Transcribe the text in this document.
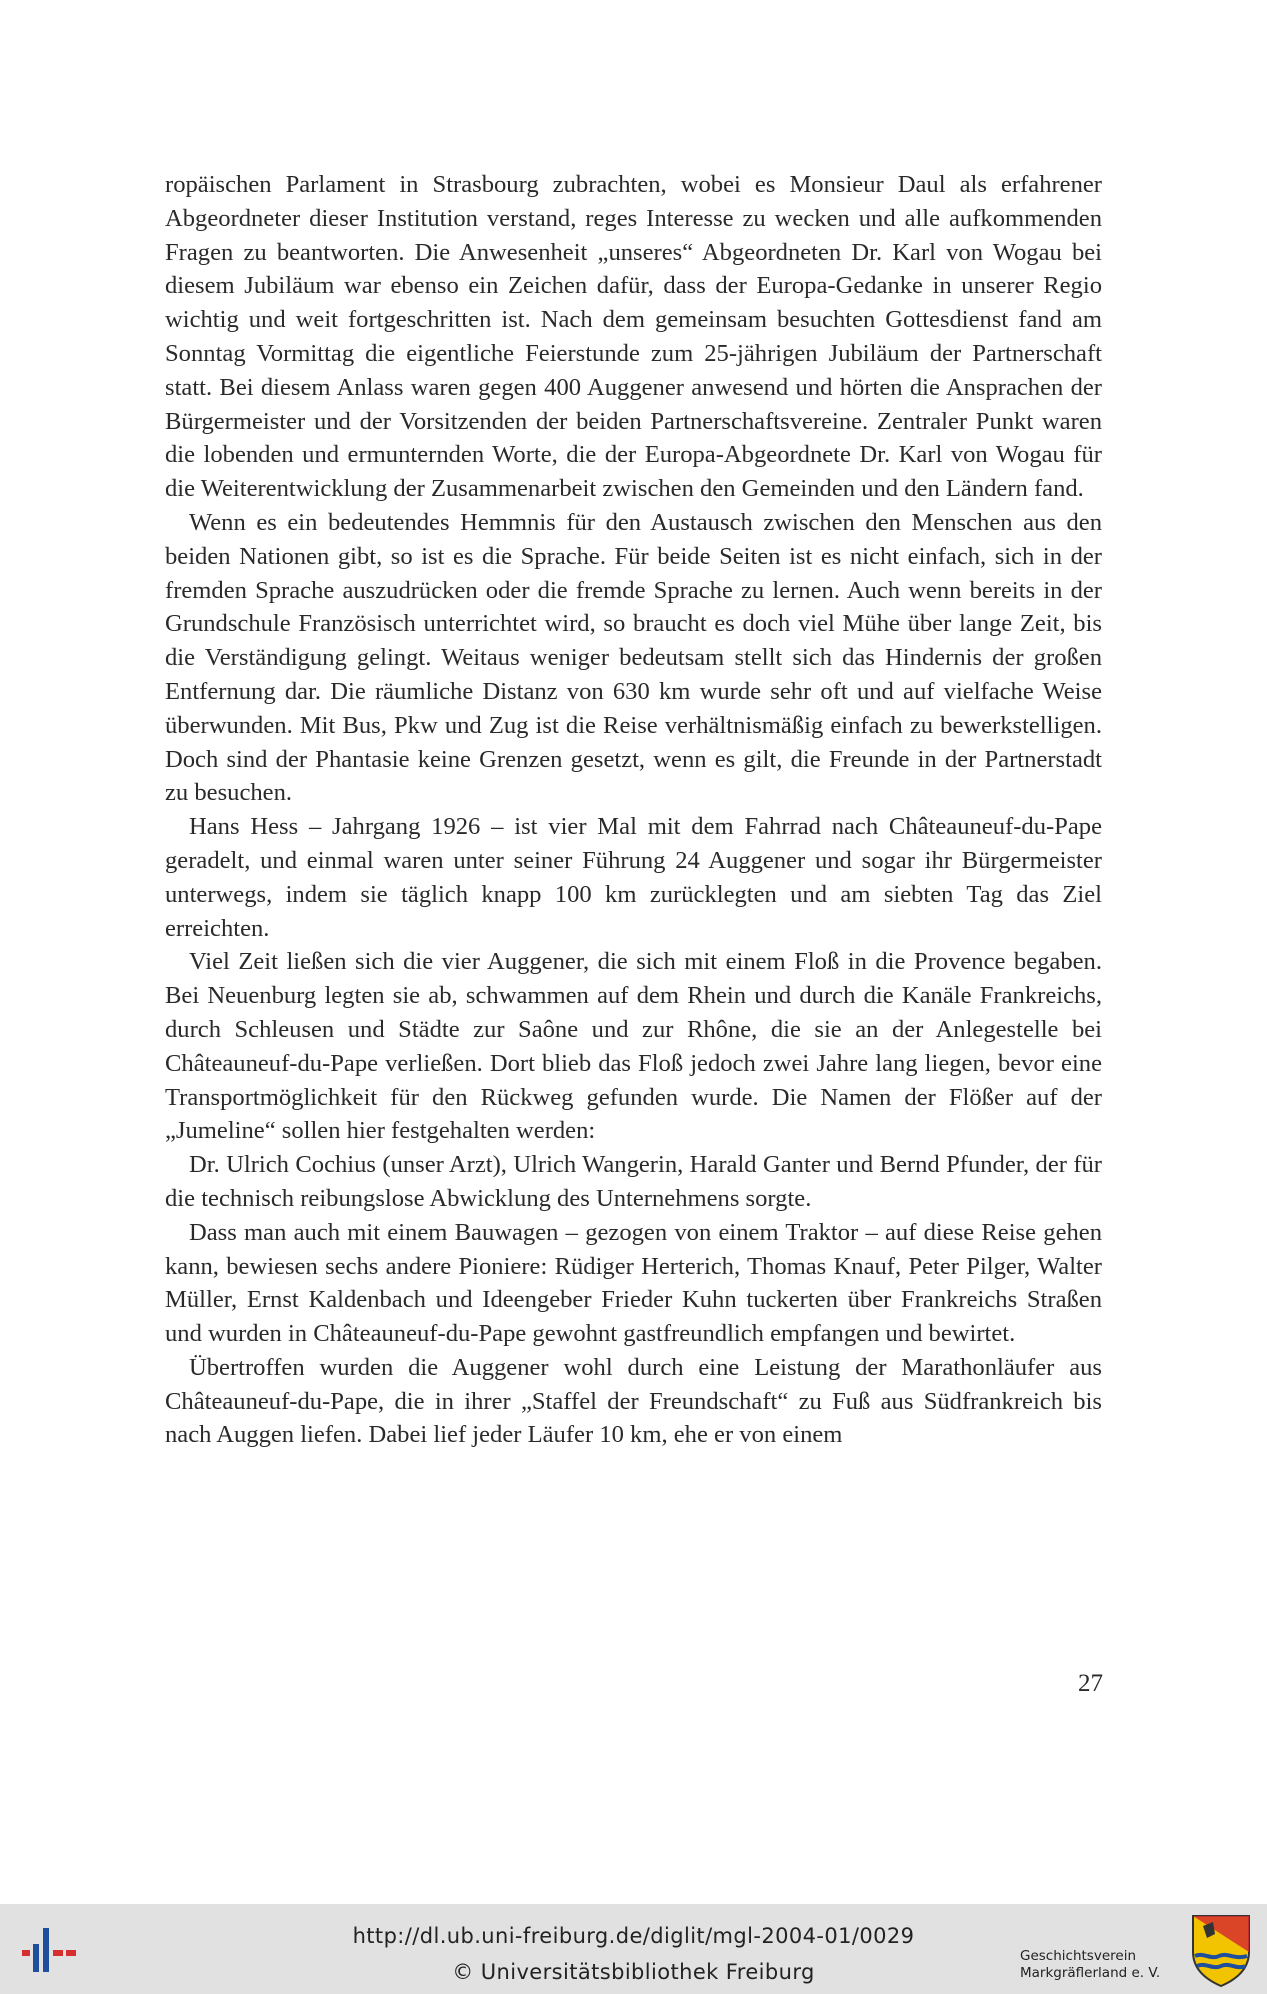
ropäischen Parlament in Strasbourg zubrachten, wobei es Monsieur Daul als erfahrener Abgeordneter dieser Institution verstand, reges Interesse zu wecken und alle aufkommenden Fragen zu beantworten. Die Anwesenheit „unseres“ Abgeordneten Dr. Karl von Wogau bei diesem Jubiläum war ebenso ein Zeichen dafür, dass der Europa-Gedanke in unserer Regio wichtig und weit fortgeschritten ist. Nach dem gemeinsam besuchten Gottesdienst fand am Sonntag Vormittag die eigentliche Feierstunde zum 25-jährigen Jubiläum der Partnerschaft statt. Bei diesem Anlass waren gegen 400 Auggener anwesend und hörten die Ansprachen der Bürgermeister und der Vorsitzenden der beiden Partnerschaftsvereine. Zentraler Punkt waren die lobenden und ermunternden Worte, die der Europa-Abgeordnete Dr. Karl von Wogau für die Weiterentwicklung der Zusammenarbeit zwischen den Gemeinden und den Ländern fand.

Wenn es ein bedeutendes Hemmnis für den Austausch zwischen den Menschen aus den beiden Nationen gibt, so ist es die Sprache. Für beide Seiten ist es nicht einfach, sich in der fremden Sprache auszudrücken oder die fremde Sprache zu lernen. Auch wenn bereits in der Grundschule Französisch unterrichtet wird, so braucht es doch viel Mühe über lange Zeit, bis die Verständigung gelingt. Weitaus weniger bedeutsam stellt sich das Hindernis der großen Entfernung dar. Die räumliche Distanz von 630 km wurde sehr oft und auf vielfache Weise überwunden. Mit Bus, Pkw und Zug ist die Reise verhältnismäßig einfach zu bewerkstelligen. Doch sind der Phantasie keine Grenzen gesetzt, wenn es gilt, die Freunde in der Partnerstadt zu besuchen.

Hans Hess – Jahrgang 1926 – ist vier Mal mit dem Fahrrad nach Châteauneuf-du-Pape geradelt, und einmal waren unter seiner Führung 24 Auggener und sogar ihr Bürgermeister unterwegs, indem sie täglich knapp 100 km zurücklegten und am siebten Tag das Ziel erreichten.

Viel Zeit ließen sich die vier Auggener, die sich mit einem Floß in die Provence begaben. Bei Neuenburg legten sie ab, schwammen auf dem Rhein und durch die Kanäle Frankreichs, durch Schleusen und Städte zur Saône und zur Rhône, die sie an der Anlegestelle bei Châteauneuf-du-Pape verließen. Dort blieb das Floß jedoch zwei Jahre lang liegen, bevor eine Transportmöglichkeit für den Rückweg gefunden wurde. Die Namen der Flößer auf der „Jumeline“ sollen hier festgehalten werden:

Dr. Ulrich Cochius (unser Arzt), Ulrich Wangerin, Harald Ganter und Bernd Pfunder, der für die technisch reibungslose Abwicklung des Unternehmens sorgte.

Dass man auch mit einem Bauwagen – gezogen von einem Traktor – auf diese Reise gehen kann, bewiesen sechs andere Pioniere: Rüdiger Herterich, Thomas Knauf, Peter Pilger, Walter Müller, Ernst Kaldenbach und Ideengeber Frieder Kuhn tuckerten über Frankreichs Straßen und wurden in Châteauneuf-du-Pape gewohnt gastfreundlich empfangen und bewirtet.

Übertroffen wurden die Auggener wohl durch eine Leistung der Marathonläufer aus Châteauneuf-du-Pape, die in ihrer „Staffel der Freundschaft“ zu Fuß aus Südfrankreich bis nach Auggen liefen. Dabei lief jeder Läufer 10 km, ehe er von einem

27
http://dl.ub.uni-freiburg.de/diglit/mgl-2004-01/0029
© Universitätsbibliothek Freiburg
Geschichtsverein
Markgräflerland e. V.
